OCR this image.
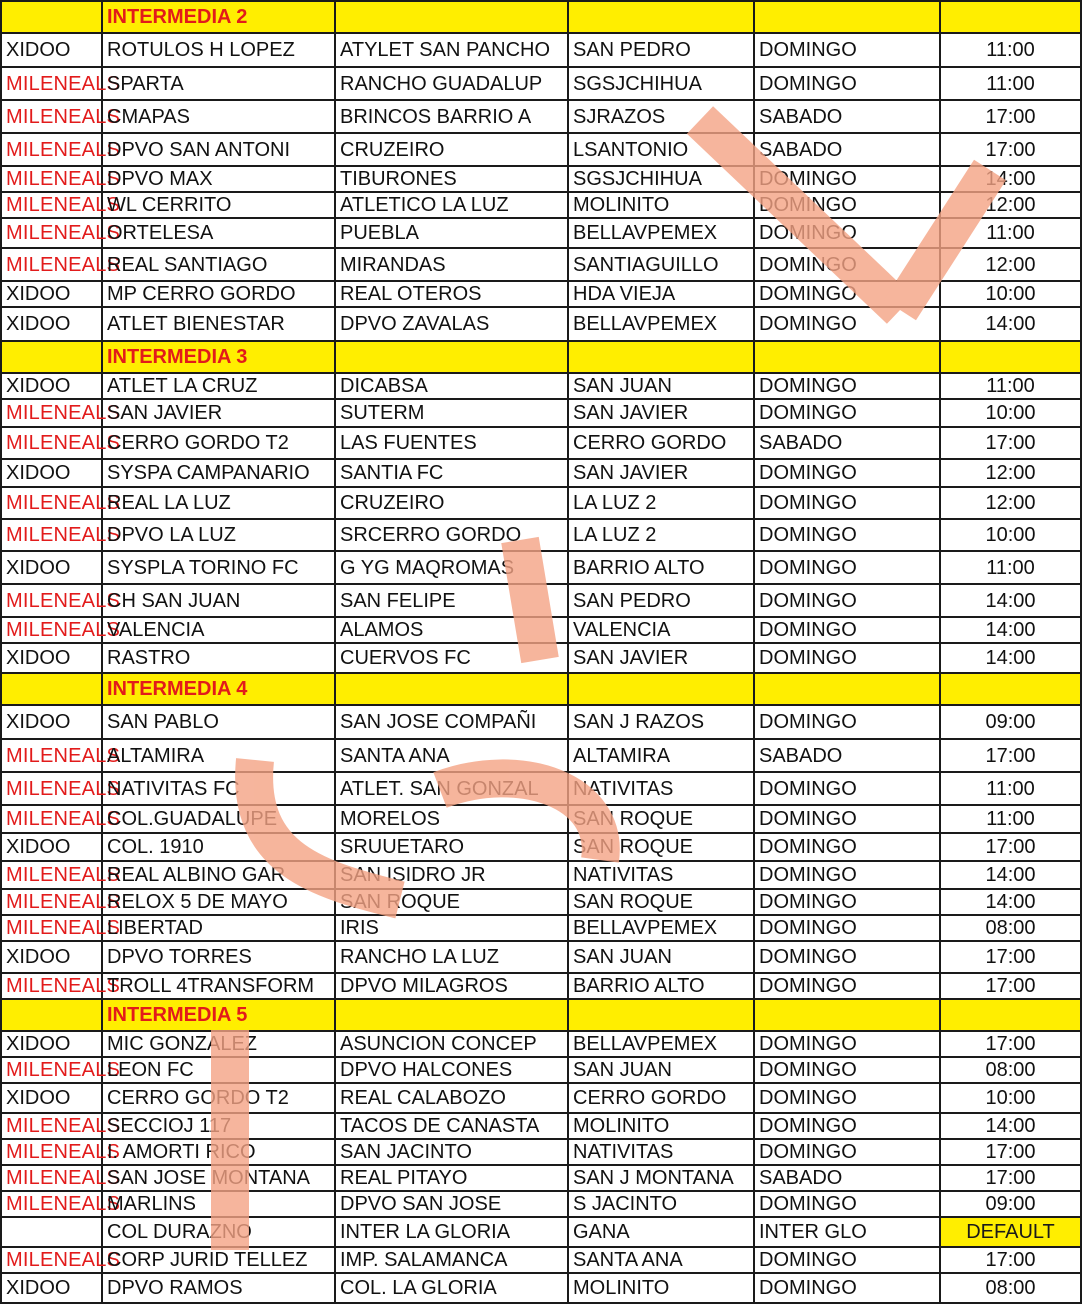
	INTERMEDIA 2				
XIDOO	ROTULOS H LOPEZ	ATYLET SAN PANCHO	SAN PEDRO	DOMINGO	11:00
MILENEALS	SPARTA	RANCHO GUADALUP	SGSJCHIHUA	DOMINGO	11:00
MILENEALS	CMAPAS	BRINCOS BARRIO A	SJRAZOS	SABADO	17:00
MILENEALS	DPVO SAN ANTONI	CRUZEIRO	LSANTONIO	SABADO	17:00
MILENEALS	DPVO MAX	TIBURONES	SGSJCHIHUA	DOMINGO	14:00
MILENEALS	WL CERRITO	ATLETICO LA LUZ	MOLINITO	DOMINGO	12:00
MILENEALS	ORTELESA	PUEBLA	BELLAVPEMEX	DOMINGO	11:00
MILENEALS	REAL SANTIAGO	MIRANDAS	SANTIAGUILLO	DOMINGO	12:00
XIDOO	MP CERRO GORDO	REAL OTEROS	HDA VIEJA	DOMINGO	10:00
XIDOO	ATLET BIENESTAR	DPVO ZAVALAS	BELLAVPEMEX	DOMINGO	14:00
	INTERMEDIA 3				
XIDOO	ATLET LA CRUZ	DICABSA	SAN JUAN	DOMINGO	11:00
MILENEALS	SAN JAVIER	SUTERM	SAN JAVIER	DOMINGO	10:00
MILENEALS	CERRO GORDO T2	LAS FUENTES	CERRO GORDO	SABADO	17:00
XIDOO	SYSPA CAMPANARIO	SANTIA FC	SAN JAVIER	DOMINGO	12:00
MILENEALS	REAL LA LUZ	CRUZEIRO	LA LUZ 2	DOMINGO	12:00
MILENEALS	DPVO LA LUZ	SRCERRO GORDO	LA LUZ 2	DOMINGO	10:00
XIDOO	SYSPLA TORINO FC	G YG MAQROMAS	BARRIO ALTO	DOMINGO	11:00
MILENEALS	CH SAN JUAN	SAN FELIPE	SAN PEDRO	DOMINGO	14:00
MILENEALS	VALENCIA	ALAMOS	VALENCIA	DOMINGO	14:00
XIDOO	RASTRO	CUERVOS FC	SAN JAVIER	DOMINGO	14:00
	INTERMEDIA 4				
XIDOO	SAN PABLO	SAN JOSE COMPAÑI	SAN J RAZOS	DOMINGO	09:00
MILENEALS	ALTAMIRA	SANTA ANA	ALTAMIRA	SABADO	17:00
MILENEALS	NATIVITAS FC	ATLET. SAN GONZAL	NATIVITAS	DOMINGO	11:00
MILENEALS	COL.GUADALUPE	MORELOS	SAN ROQUE	DOMINGO	11:00
XIDOO	COL. 1910	SRUUETARO	SAN ROQUE	DOMINGO	17:00
MILENEALS	REAL ALBINO GAR	SAN ISIDRO JR	NATIVITAS	DOMINGO	14:00
MILENEALS	RELOX 5 DE MAYO	SAN ROQUE	SAN ROQUE	DOMINGO	14:00
MILENEALS	LIBERTAD	IRIS	BELLAVPEMEX	DOMINGO	08:00
XIDOO	DPVO TORRES	RANCHO LA LUZ	SAN JUAN	DOMINGO	17:00
MILENEALS	TROLL 4TRANSFORM	DPVO MILAGROS	BARRIO ALTO	DOMINGO	17:00
	INTERMEDIA 5				
XIDOO	MIC GONZALEZ	ASUNCION CONCEP	BELLAVPEMEX	DOMINGO	17:00
MILENEALS	LEON FC	DPVO HALCONES	SAN JUAN	DOMINGO	08:00
XIDOO	CERRO GORDO T2	REAL CALABOZO	CERRO GORDO	DOMINGO	10:00
MILENEALS	SECCIOJ 117	TACOS DE CANASTA	MOLINITO	DOMINGO	14:00
MILENEALS	I. AMORTI RICO	SAN JACINTO	NATIVITAS	DOMINGO	17:00
MILENEALS	SAN JOSE MONTANA	REAL PITAYO	SAN J MONTANA	SABADO	17:00
MILENEALS	MARLINS	DPVO SAN JOSE	S JACINTO	DOMINGO	09:00
	COL DURAZNO	INTER LA GLORIA	GANA	INTER GLO	DEFAULT
MILENEALS	CORP JURID TELLEZ	IMP. SALAMANCA	SANTA ANA	DOMINGO	17:00
XIDOO	DPVO RAMOS	COL. LA GLORIA	MOLINITO	DOMINGO	08:00
